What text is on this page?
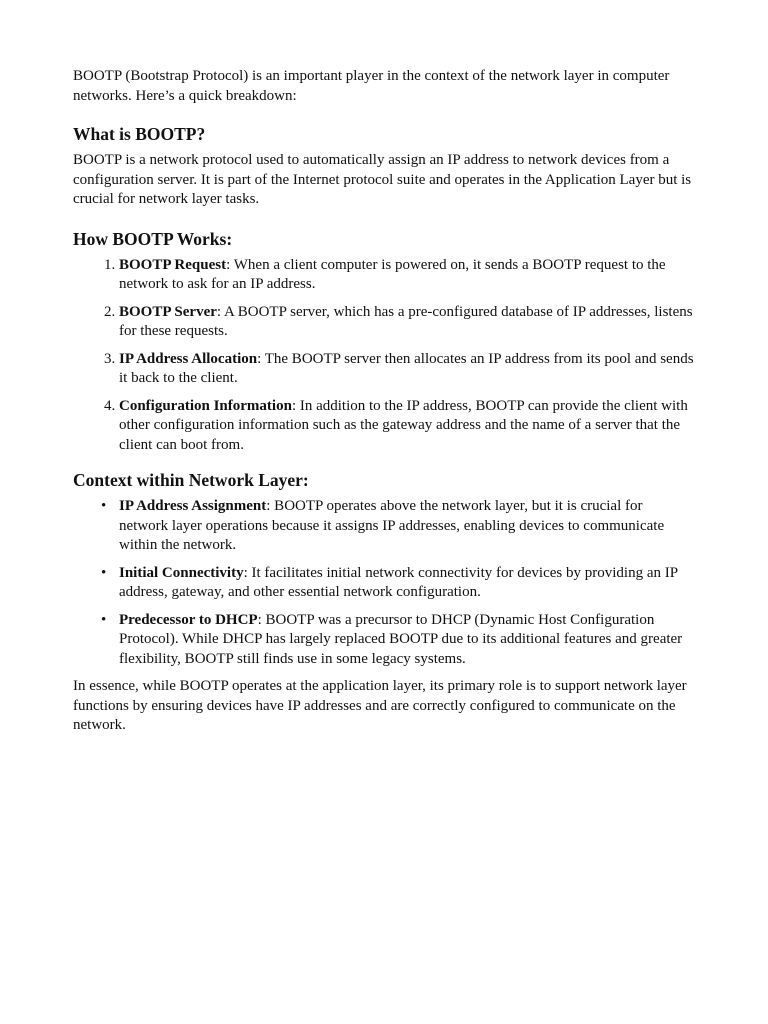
BOOTP (Bootstrap Protocol) is an important player in the context of the network layer in computer networks. Here’s a quick breakdown:

What is BOOTP?

BOOTP is a network protocol used to automatically assign an IP address to network devices from a configuration server. It is part of the Internet protocol suite and operates in the Application Layer but is crucial for network layer tasks.

How BOOTP Works:
1. BOOTP Request: When a client computer is powered on, it sends a BOOTP request to the network to ask for an IP address.
2. BOOTP Server: A BOOTP server, which has a pre-configured database of IP addresses, listens for these requests.
3. IP Address Allocation: The BOOTP server then allocates an IP address from its pool and sends it back to the client.
4. Configuration Information: In addition to the IP address, BOOTP can provide the client with other configuration information such as the gateway address and the name of a server that the client can boot from.
Context within Network Layer:
• IP Address Assignment: BOOTP operates above the network layer, but it is crucial for network layer operations because it assigns IP addresses, enabling devices to communicate within the network.
• Initial Connectivity: It facilitates initial network connectivity for devices by providing an IP address, gateway, and other essential network configuration.
• Predecessor to DHCP: BOOTP was a precursor to DHCP (Dynamic Host Configuration Protocol). While DHCP has largely replaced BOOTP due to its additional features and greater flexibility, BOOTP still finds use in some legacy systems.

In essence, while BOOTP operates at the application layer, its primary role is to support network layer functions by ensuring devices have IP addresses and are correctly configured to communicate on the network.
